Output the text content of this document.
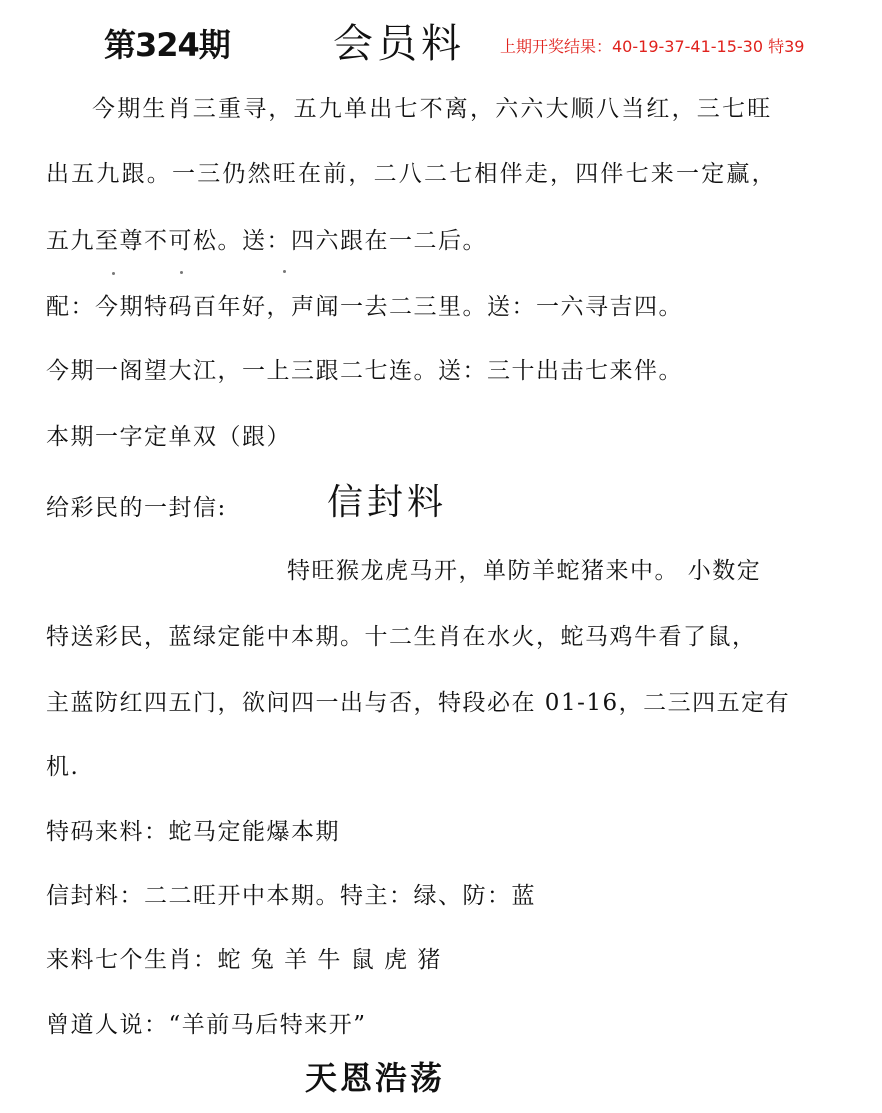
第324期	会员料 上期开奖结果：40-19-37-41-15-30 特39
今期生肖三重寻，五九单出七不离，六六大顺八当红，三七旺
出五九跟。一三仍然旺在前，二八二七相伴走，四伴七来一定赢，
五九至尊不可松。送：四六跟在一二后。
配：今期特码百年好，声闻一去二三里。送：一六寻吉四。
今期一阁望大江，一上三跟二七连。送：三十出击七来伴。
本期一字定单双（跟）
给彩民的一封信:	信封料
特旺猴龙虎马开，单防羊蛇猪来中。 小数定
特送彩民，蓝绿定能中本期。十二生肖在水火，蛇马鸡牛看了鼠，
主蓝防红四五门，欲问四一出与否，特段必在 01-16，二三四五定有
机.
特码来料：蛇马定能爆本期
信封料：二二旺开中本期。特主：绿、防：蓝
来料七个生肖：蛇 兔 羊 牛 鼠 虎 猪
曾道人说：“羊前马后特来开”
天恩浩荡
